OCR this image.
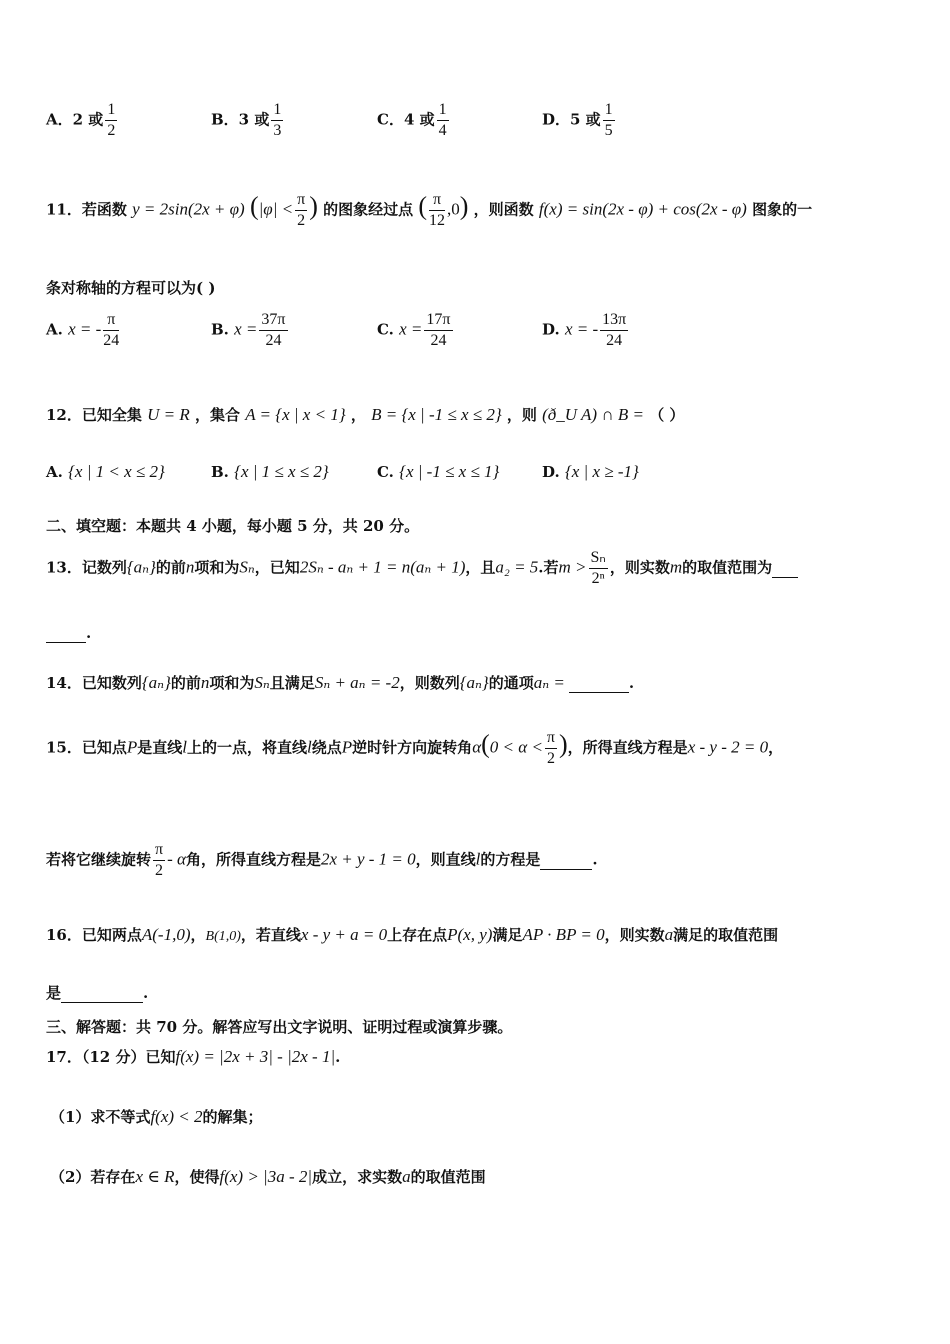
A．2 或 $\frac{1}{2}$	B．3 或 $\frac{1}{3}$	C．4 或 $\frac{1}{4}$	D．5 或 $\frac{1}{5}$
11．若函数 y = 2sin(2x + φ) ($|\varphi| < \frac{\pi}{2}$ ) 的图象经过点 ( $\frac{\pi}{12} ,0$) ，则函数 f(x) = sin(2x - φ) + cos(2x - φ) 图象的一
条对称轴的方程可以为( )
A. x = - $\frac{\pi}{24}$	B. $x = \frac{37\pi}{24}$	C. $x = \frac{17\pi}{24}$	D. x = - $\frac{13\pi}{24}$
12．已知全集 U = R ，集合 A = {x | x < 1} ， B = {x | -1 ≤ x ≤ 2} ，则 (ð_U A) ∩ B = （ ）
A. {x | 1 < x ≤ 2}	B. {x | 1 ≤ x ≤ 2}	C. {x | -1 ≤ x ≤ 1}	D. {x | x ≥ -1}
二、填空题：本题共 4 小题，每小题 5 分，共 20 分。
13．记数列{aₙ}的前n项和为Sₙ，已知2Sₙ - aₙ + 1 = n(aₙ + 1)，且a₂ = 5.若$m > \frac{\text{Sₙ}}{\text{2ⁿ}}$ ，则实数m的取值范围为
.
14．已知数列{aₙ}的前n项和为Sₙ且满足Sₙ + aₙ = -2，则数列{aₙ}的通项aₙ =	.
15．已知点P是直线l上的一点，将直线l绕点P逆时针方向旋转角$\alpha(0 < \alpha < \frac{\pi}{2}$ )，所得直线方程是x - y - 2 = 0，
若将它继续旋转 $\frac{\pi}{2}$ - α角，所得直线方程是2x + y - 1 = 0，则直线l的方程是	.
16．已知两点A(-1,0)，B(1,0)，若直线x - y + a = 0上存在点P(x, y)满足AP · BP = 0，则实数a满足的取值范围
是	.
三、解答题：共 70 分。解答应写出文字说明、证明过程或演算步骤。
17．（12 分）已知f(x) = |2x + 3| - |2x - 1|.
（1）求不等式f(x) < 2的解集；
（2）若存在x ∈ R，使得f(x) > |3a - 2|成立，求实数a的取值范围
